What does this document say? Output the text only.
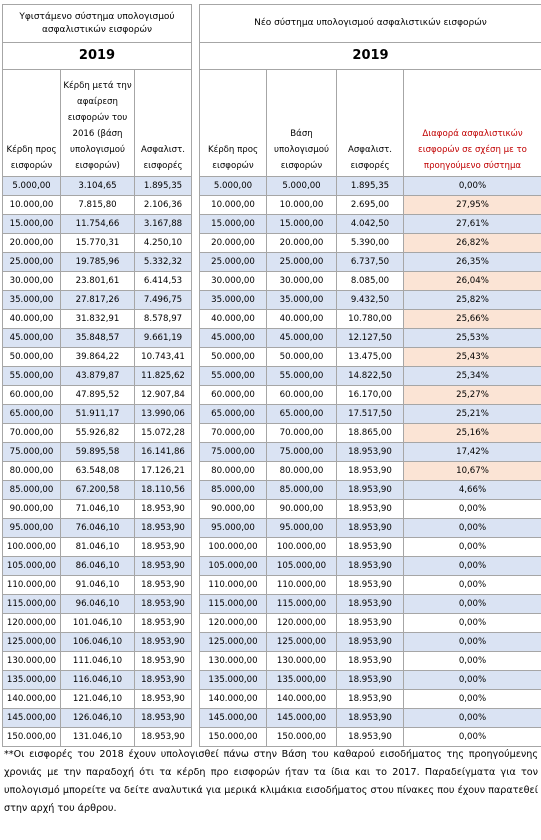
Υφιστάμενο σύστημα υπολογισμού ασφαλιστικών εισφορών		
2019		
Κέρδη προς εισφορών	Κέρδη μετά την αφαίρεση εισφορών του 2016 (βάση υπολογισμού εισφορών)	Ασφαλιστ. εισφορές
5.000,00	3.104,65	1.895,35
10.000,00	7.815,80	2.106,36
15.000,00	11.754,66	3.167,88
20.000,00	15.770,31	4.250,10
25.000,00	19.785,96	5.332,32
30.000,00	23.801,61	6.414,53
35.000,00	27.817,26	7.496,75
40.000,00	31.832,91	8.578,97
45.000,00	35.848,57	9.661,19
50.000,00	39.864,22	10.743,41
55.000,00	43.879,87	11.825,62
60.000,00	47.895,52	12.907,84
65.000,00	51.911,17	13.990,06
70.000,00	55.926,82	15.072,28
75.000,00	59.895,58	16.141,86
80.000,00	63.548,08	17.126,21
85.000,00	67.200,58	18.110,56
90.000,00	71.046,10	18.953,90
95.000,00	76.046,10	18.953,90
100.000,00	81.046,10	18.953,90
105.000,00	86.046,10	18.953,90
110.000,00	91.046,10	18.953,90
115.000,00	96.046,10	18.953,90
120.000,00	101.046,10	18.953,90
125.000,00	106.046,10	18.953,90
130.000,00	111.046,10	18.953,90
135.000,00	116.046,10	18.953,90
140.000,00	121.046,10	18.953,90
145.000,00	126.046,10	18.953,90
150.000,00	131.046,10	18.953,90
Νέο σύστημα υπολογισμού ασφαλιστικών εισφορών			
2019			
Κέρδη προς εισφορών	Βάση υπολογισμού εισφορών	Ασφαλιστ. εισφορές	Διαφορά ασφαλιστικών εισφορών σε σχέση με το προηγούμενο σύστημα
5.000,00	5.000,00	1.895,35	0,00%
10.000,00	10.000,00	2.695,00	27,95%
15.000,00	15.000,00	4.042,50	27,61%
20.000,00	20.000,00	5.390,00	26,82%
25.000,00	25.000,00	6.737,50	26,35%
30.000,00	30.000,00	8.085,00	26,04%
35.000,00	35.000,00	9.432,50	25,82%
40.000,00	40.000,00	10.780,00	25,66%
45.000,00	45.000,00	12.127,50	25,53%
50.000,00	50.000,00	13.475,00	25,43%
55.000,00	55.000,00	14.822,50	25,34%
60.000,00	60.000,00	16.170,00	25,27%
65.000,00	65.000,00	17.517,50	25,21%
70.000,00	70.000,00	18.865,00	25,16%
75.000,00	75.000,00	18.953,90	17,42%
80.000,00	80.000,00	18.953,90	10,67%
85.000,00	85.000,00	18.953,90	4,66%
90.000,00	90.000,00	18.953,90	0,00%
95.000,00	95.000,00	18.953,90	0,00%
100.000,00	100.000,00	18.953,90	0,00%
105.000,00	105.000,00	18.953,90	0,00%
110.000,00	110.000,00	18.953,90	0,00%
115.000,00	115.000,00	18.953,90	0,00%
120.000,00	120.000,00	18.953,90	0,00%
125.000,00	125.000,00	18.953,90	0,00%
130.000,00	130.000,00	18.953,90	0,00%
135.000,00	135.000,00	18.953,90	0,00%
140.000,00	140.000,00	18.953,90	0,00%
145.000,00	145.000,00	18.953,90	0,00%
150.000,00	150.000,00	18.953,90	0,00%
**Οι εισφορές του 2018 έχουν υπολογισθεί πάνω στην Βάση του καθαρού εισοδήματος της προηγούμενης χρονιάς με την παραδοχή ότι τα κέρδη προ εισφορών ήταν τα ίδια και το 2017. Παραδείγματα για τον υπολογισμό μπορείτε να δείτε αναλυτικά για μερικά κλιμάκια εισοδήματος στου πίνακες που έχουν παρατεθεί στην αρχή του άρθρου.
